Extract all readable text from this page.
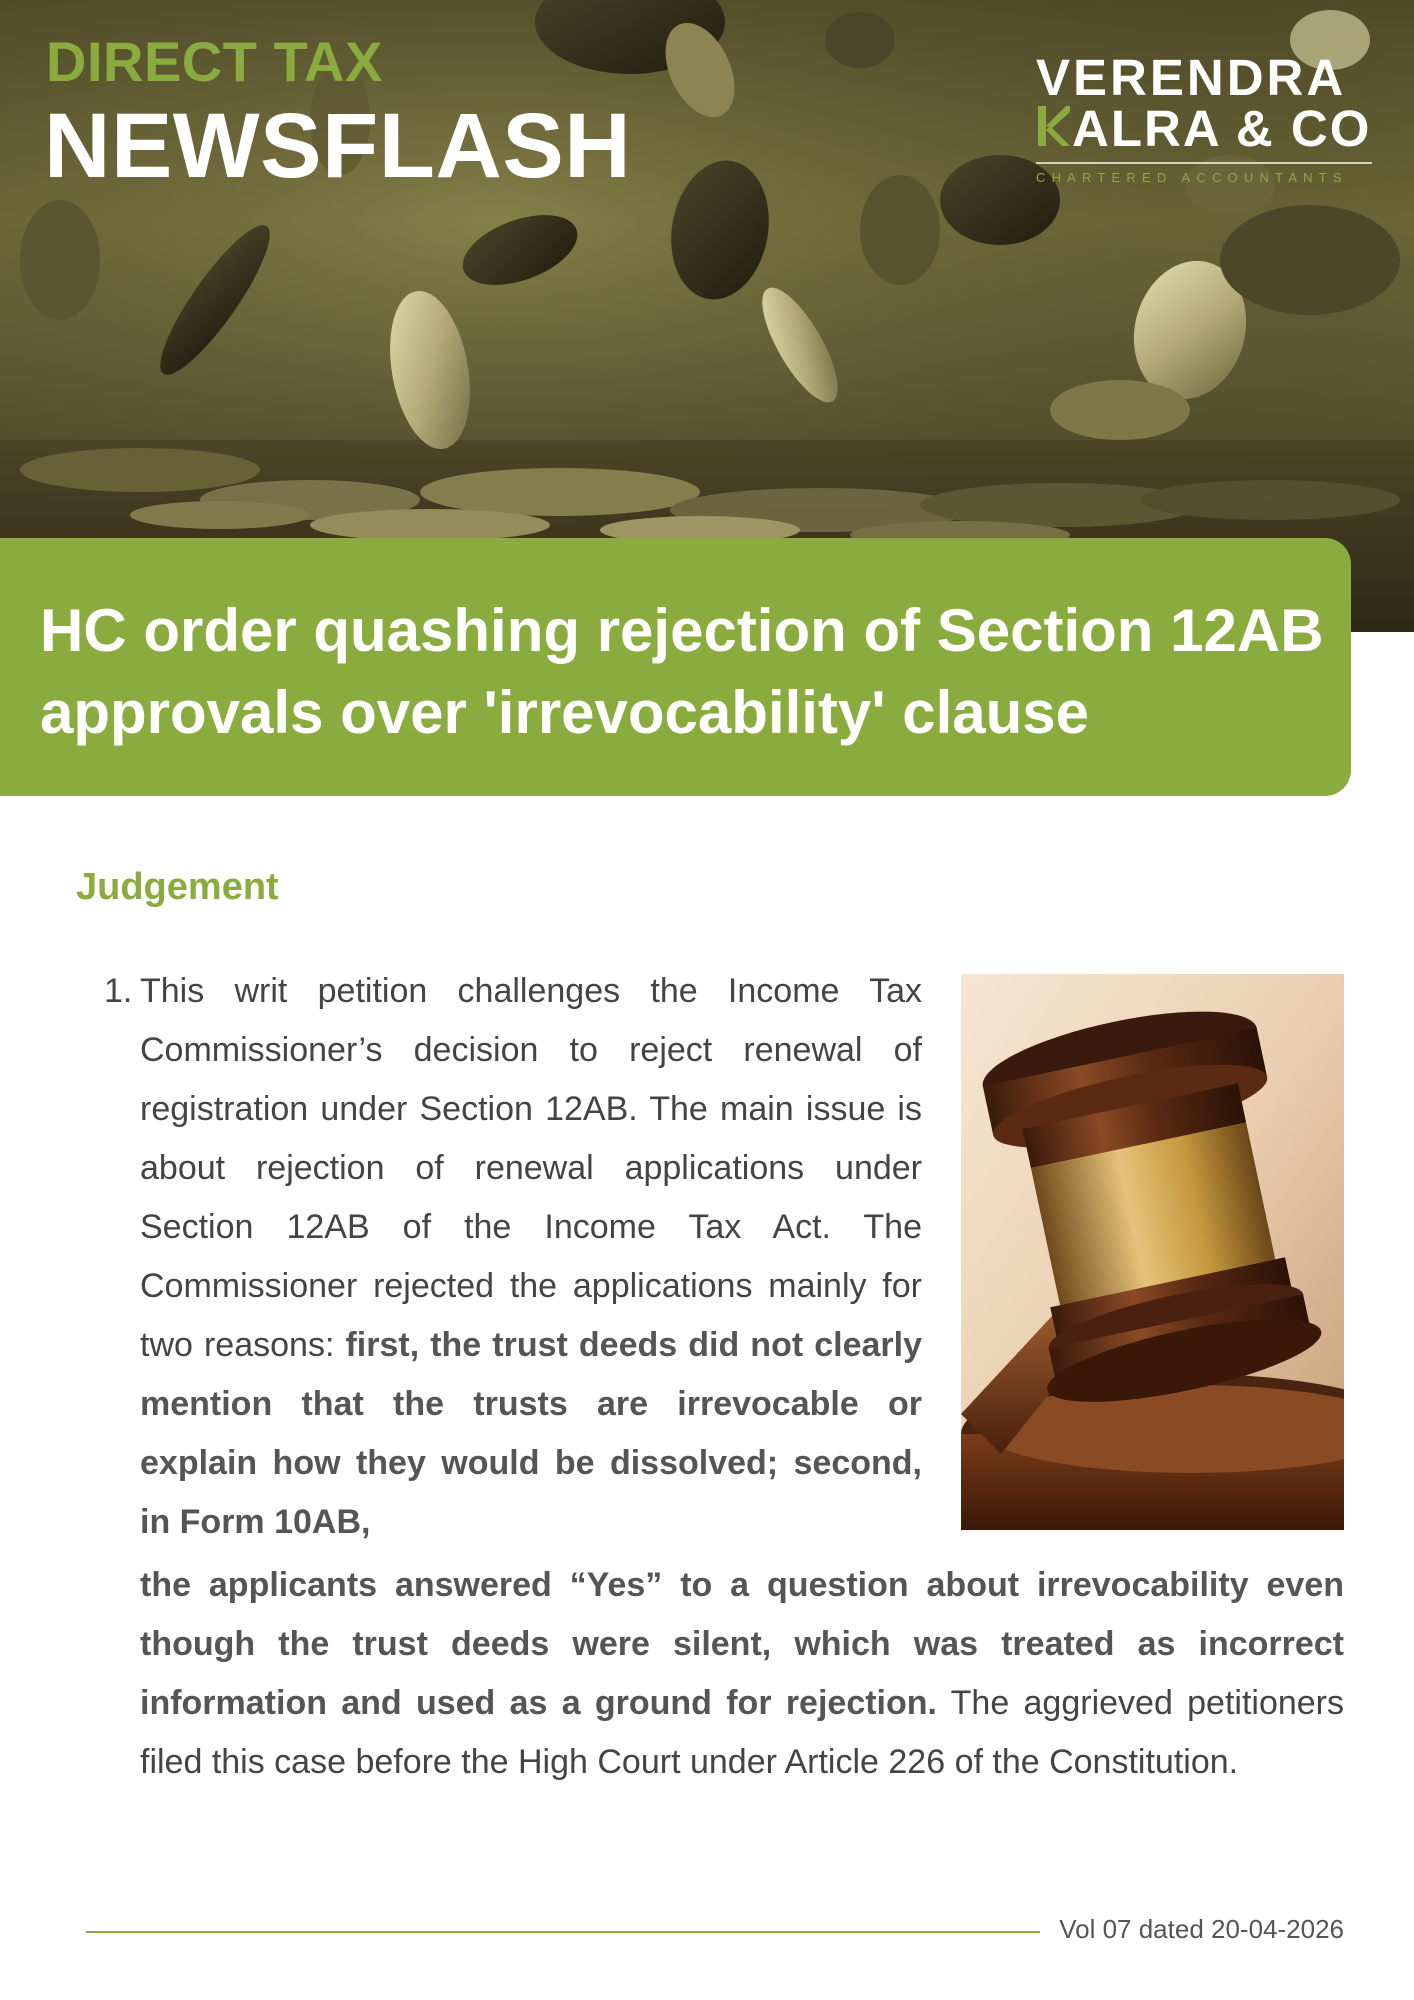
DIRECT TAX
NEWSFLASH
VERENDRA
ALRA & CO
CHARTERED ACCOUNTANTS
HC order quashing rejection of Section 12AB approvals over 'irrevocability' clause
Judgement
1. This writ petition challenges the Income Tax Commissioner’s decision to reject renewal of registration under Section 12AB. The main issue is about rejection of renewal applications under Section 12AB of the Income Tax Act. The Commissioner rejected the applications mainly for two reasons: first, the trust deeds did not clearly mention that the trusts are irrevocable or explain how they would be dissolved; second, in Form 10AB,
the applicants answered “Yes” to a question about irrevocability even though the trust deeds were silent, which was treated as incorrect information and used as a ground for rejection. The aggrieved petitioners filed this case before the High Court under Article 226 of the Constitution.
Vol 07 dated 20-04-2026
